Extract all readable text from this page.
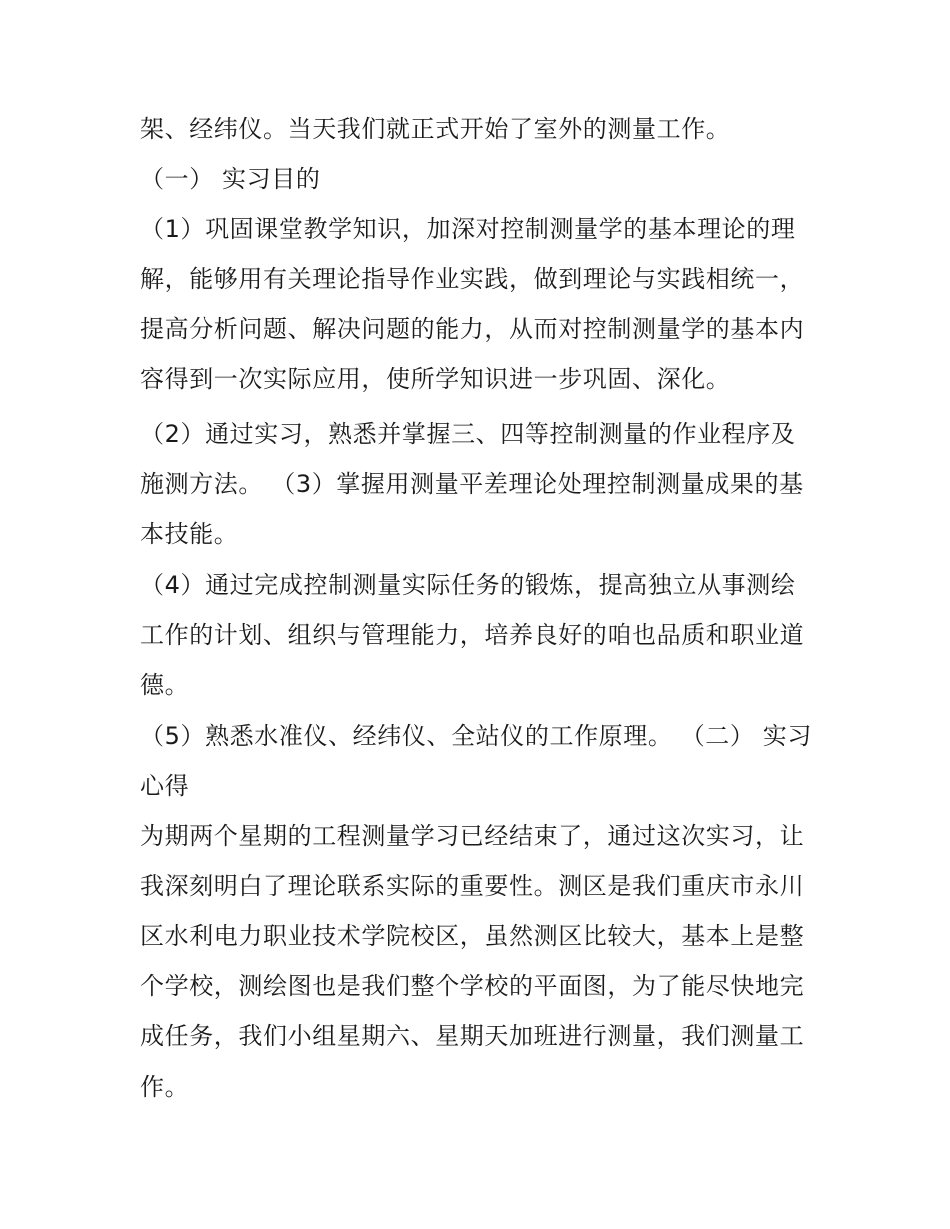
架、经纬仪。当天我们就正式开始了室外的测量工作。
（一） 实习目的
（1）巩固课堂教学知识，加深对控制测量学的基本理论的理
解，能够用有关理论指导作业实践，做到理论与实践相统一，
提高分析问题、解决问题的能力，从而对控制测量学的基本内
容得到一次实际应用，使所学知识进一步巩固、深化。
（2）通过实习，熟悉并掌握三、四等控制测量的作业程序及
施测方法。 （3）掌握用测量平差理论处理控制测量成果的基
本技能。
（4）通过完成控制测量实际任务的锻炼，提高独立从事测绘
工作的计划、组织与管理能力，培养良好的咱也品质和职业道
德。
（5）熟悉水准仪、经纬仪、全站仪的工作原理。 （二） 实习
心得
为期两个星期的工程测量学习已经结束了，通过这次实习，让
我深刻明白了理论联系实际的重要性。测区是我们重庆市永川
区水利电力职业技术学院校区，虽然测区比较大，基本上是整
个学校，测绘图也是我们整个学校的平面图，为了能尽快地完
成任务，我们小组星期六、星期天加班进行测量，我们测量工
作。
